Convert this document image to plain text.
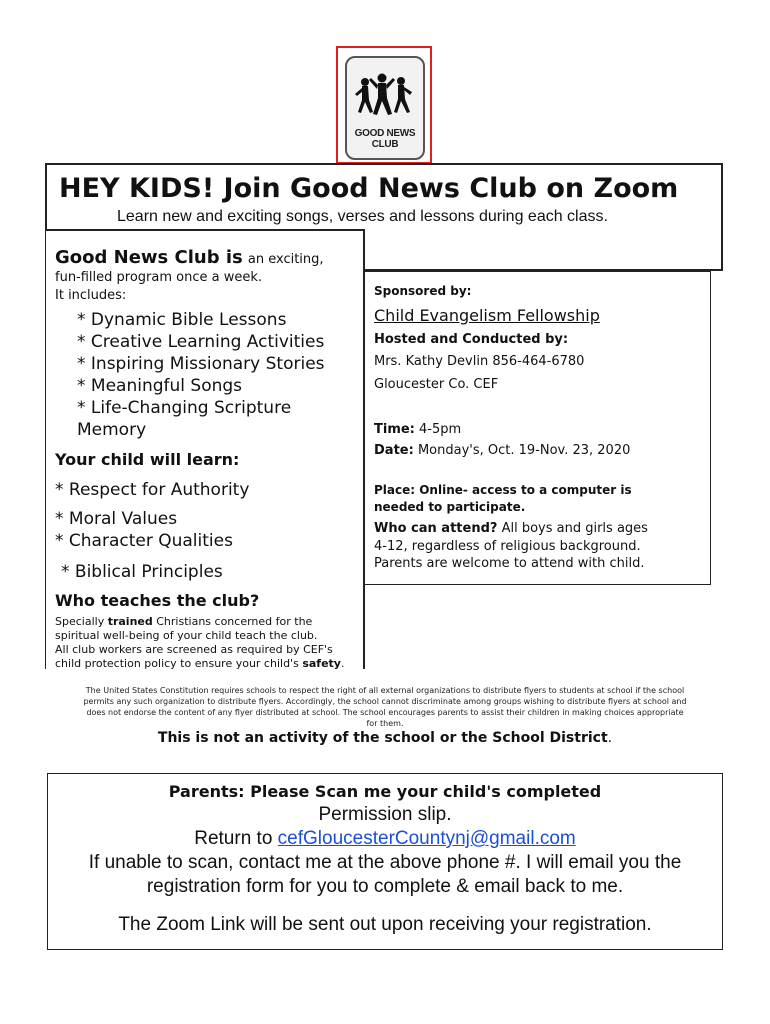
GOOD NEWS
CLUB
HEY KIDS! Join Good News Club on Zoom
Learn new and exciting songs, verses and lessons during each class.
Good News Club is an exciting,
fun-filled program once a week.
It includes:
* Dynamic Bible Lessons
* Creative Learning Activities
* Inspiring Missionary Stories
* Meaningful Songs
* Life-Changing Scripture
Memory
Your child will learn:
* Respect for Authority
* Moral Values
* Character Qualities
* Biblical Principles
Who teaches the club?
Specially trained Christians concerned for the
spiritual well-being of your child teach the club.
All club workers are screened as required by CEF's
child protection policy to ensure your child's safety.
Sponsored by:
Child Evangelism Fellowship
Hosted and Conducted by:
Mrs. Kathy Devlin 856-464-6780
Gloucester Co. CEF
Time: 4-5pm
Date: Monday's, Oct. 19-Nov. 23, 2020
Place: Online- access to a computer is
needed to participate.
Who can attend? All boys and girls ages
4-12, regardless of religious background.
Parents are welcome to attend with child.
The United States Constitution requires schools to respect the right of all external organizations to distribute flyers to students at school if the school
permits any such organization to distribute flyers. Accordingly, the school cannot discriminate among groups wishing to distribute flyers at school and
does not endorse the content of any flyer distributed at school. The school encourages parents to assist their children in making choices appropriate
for them.
This is not an activity of the school or the School District.
Parents: Please Scan me your child's completed
Permission slip.
Return to cefGloucesterCountynj@gmail.com
If unable to scan, contact me at the above phone #. I will email you the
registration form for you to complete & email back to me.
The Zoom Link will be sent out upon receiving your registration.
